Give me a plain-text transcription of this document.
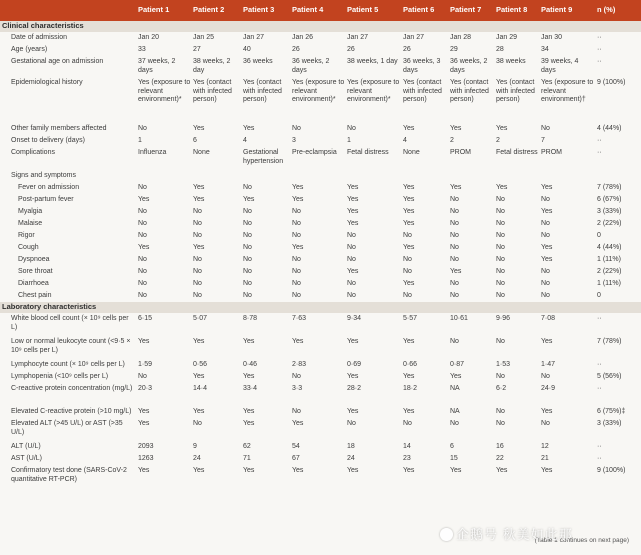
	Patient 1	Patient 2	Patient 3	Patient 4	Patient 5	Patient 6	Patient 7	Patient 8	Patient 9	n (%)
Clinical characteristics										
Date of admission	Jan 20	Jan 25	Jan 27	Jan 26	Jan 27	Jan 27	Jan 28	Jan 29	Jan 30	··
Age (years)	33	27	40	26	26	26	29	28	34	··
Gestational age on admission	37 weeks, 2 days	38 weeks, 2 day	36 weeks	36 weeks, 2 days	38 weeks, 1 day	36 weeks, 3 days	36 weeks, 2 days	38 weeks	39 weeks, 4 days	··
Epidemiological history	Yes (exposure to relevant environment)*	Yes (contact with infected person)	Yes (contact with infected person)	Yes (exposure to relevant environment)*	Yes (exposure to relevant environment)*	Yes (contact with infected person)	Yes (contact with infected person)	Yes (contact with infected person)	Yes (exposure to relevant environment)†	9 (100%)
Other family members affected	No	Yes	Yes	No	No	Yes	Yes	Yes	No	4 (44%)
Onset to delivery (days)	1	6	4	3	1	4	2	2	7	··
Complications	Influenza	None	Gestational hypertension	Pre-eclampsia	Fetal distress	None	PROM	Fetal distress	PROM	··
Signs and symptoms										
Fever on admission	No	Yes	No	Yes	Yes	Yes	Yes	Yes	Yes	7 (78%)
Post-partum fever	Yes	Yes	Yes	Yes	Yes	Yes	No	No	No	6 (67%)
Myalgia	No	No	No	No	Yes	Yes	No	No	Yes	3 (33%)
Malaise	No	No	No	No	Yes	Yes	No	No	No	2 (22%)
Rigor	No	No	No	No	No	No	No	No	No	0
Cough	Yes	Yes	No	Yes	No	Yes	No	No	Yes	4 (44%)
Dyspnoea	No	No	No	No	No	No	No	No	Yes	1 (11%)
Sore throat	No	No	No	No	Yes	No	Yes	No	No	2 (22%)
Diarrhoea	No	No	No	No	No	Yes	No	No	No	1 (11%)
Chest pain	No	No	No	No	No	No	No	No	No	0
Laboratory characteristics										
White blood cell count (× 10⁹ cells per L)	6·15	5·07	8·78	7·63	9·34	5·57	10·61	9·96	7·08	··
Low or normal leukocyte count (<9·5 × 10⁹ cells per L)	Yes	Yes	Yes	Yes	Yes	Yes	No	No	Yes	7 (78%)
Lymphocyte count (× 10⁹ cells per L)	1·59	0·56	0·46	2·83	0·69	0·66	0·87	1·53	1·47	··
Lymphopenia (<10⁹ cells per L)	No	Yes	Yes	No	Yes	Yes	Yes	No	No	5 (56%)
C-reactive protein concentration (mg/L)	20·3	14·4	33·4	3·3	28·2	18·2	NA	6·2	24·9	··
Elevated C-reactive protein (>10 mg/L)	Yes	Yes	Yes	No	Yes	Yes	NA	No	Yes	6 (75%)‡
Elevated ALT (>45 U/L) or AST (>35 U/L)	Yes	No	Yes	Yes	No	No	No	No	No	3 (33%)
ALT (U/L)	2093	9	62	54	18	14	6	16	12	··
AST (U/L)	1263	24	71	67	24	23	15	22	21	··
Confirmatory test done (SARS-CoV-2 quantitative RT-PCR)	Yes	Yes	Yes	Yes	Yes	Yes	Yes	Yes	Yes	9 (100%)
(Table 1 continues on next page)
企鹅号 秋美如此那
